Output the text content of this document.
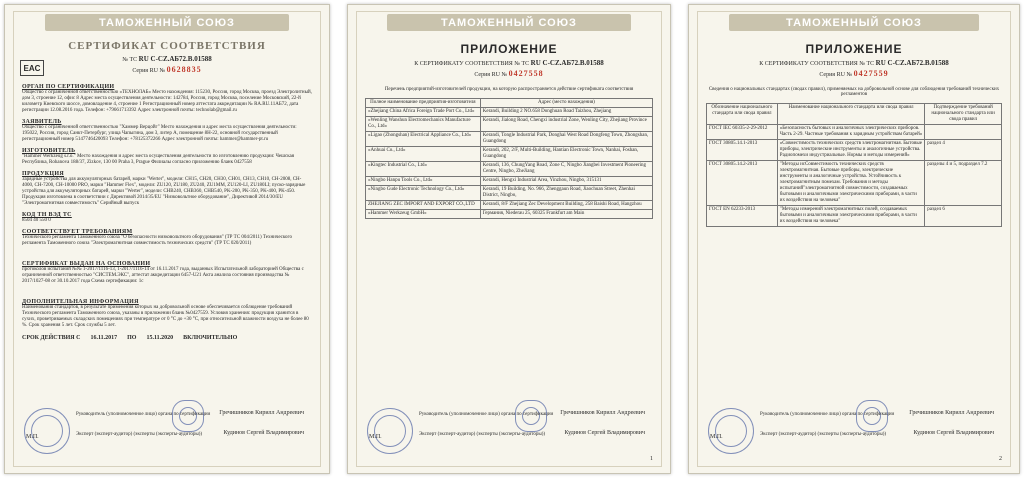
ТАМОЖЕННЫЙ СОЮЗ
СЕРТИФИКАТ СООТВЕТСТВИЯ
EAC
№ ТС RU С-CZ.АБ72.В.01588
Серия RU № 0628835
ОРГАН ПО СЕРТИФИКАЦИИ
Общество с ограниченной ответственностью «ТЕХНОЛАБ» Место нахождения: 115230, Россия, город Москва, проезд Электролитный, дом 3, строение 12, офис 8 Адрес места осуществления деятельности: 142784, Россия, город Москва, поселение Московский, 22-й километр Киевского шоссе, домовладение 4, строение 1 Регистрационный номер аттестата аккредитации № RA.RU.11АБ72, дата регистрации 12.08.2016 года. Телефон: +79661713392 Адрес электронной почты: technolab@gmail.ru
ЗАЯВИТЕЛЬ
Общество с ограниченной ответственностью "Хаммер Верцойг" Место нахождения и адрес места осуществления деятельности: 195022, Россия, город Санкт-Петербург, улица Чапыгина, дом 3, литер А, помещение 8Н-22, основной государственный регистрационный номер 5147746420093 Телефон: +78125372266 Адрес электронной почты: hammer@hammer-pt.ru
ИЗГОТОВИТЕЛЬ
"Hammer Werkzeug s.r.o." Место нахождения и адрес места осуществления деятельности по изготовлению продукции: Чешская Республика, Rohanova 188/37, Zizkov, 130 00 Praha 3, Prague Филиалы согласно приложению бланк 0427558
ПРОДУКЦИЯ
Зарядные устройства для аккумуляторных батарей, марки "Werter", модели: CH15, CH20, CH30, CH01, CH13, CH10, CH-2008, CH-4000, CH-7200, CH-10000 PRO, марки "Hammer Flex", модели: ZU120, ZU180, ZU240, ZU1MM, ZU120-LI, ZU180LI; пуско-зарядные устройства для аккумуляторных батарей, марки "Werter", модели: CHB240, CHB360, CHB540, PK-200, PK-350, PK-400, PK-450. Продукция изготовлена в соответствии с Директивой 2014/35/EU "Низковольтное оборудование", Директивой 2014/30/EU "Электромагнитная совместимость" Серийный выпуск
КОД ТН ВЭД ТС
8504 40 550 0
СООТВЕТСТВУЕТ ТРЕБОВАНИЯМ
Технического регламента Таможенного союза "О безопасности низковольтного оборудования" (ТР ТС 004/2011) Технического регламента Таможенного союза "Электромагнитная совместимость технических средств" (ТР ТС 020/2011)
СЕРТИФИКАТ ВЫДАН НА ОСНОВАНИИ
протоколов испытаний №№ 1-2017/1116-13, 1-2017/1116-14 от 16.11.2017 года, выданных Испытательной лабораторией Общества с ограниченной ответственностью "СИСТЕМ.ЭКС", аттестат аккредитации 6457-U21 Акта анализа состояния производства № 2017/1027-08 от 30.10.2017 года Схема сертификации: 1с
ДОПОЛНИТЕЛЬНАЯ ИНФОРМАЦИЯ
Наименования стандартов, в результате применения которых на добровольной основе обеспечивается соблюдение требований Технического регламента Таможенного союза, указаны в приложении бланк №0427559. Условия хранения: продукция хранится в сухих, проветриваемых складских помещениях при температуре от 0 °С до +30 °С, при относительной влажности воздуха не более 80 %. Срок хранения 5 лет. Срок службы 5 лет.
СРОК ДЕЙСТВИЯ С 16.11.2017 ПО 15.11.2020 ВКЛЮЧИТЕЛЬНО
М.П.
Руководитель (уполномоченное лицо) органа по сертификации Гречишников Кирилл Андреевич
Эксперт (эксперт-аудитор) (эксперты (эксперты-аудиторы))	Кудинов Сергей Владимирович
ТАМОЖЕННЫЙ СОЮЗ
ПРИЛОЖЕНИЕ
К СЕРТИФИКАТУ СООТВЕТСТВИЯ № ТС RU С-CZ.АБ72.В.01588
Серия RU № 0427558
Перечень предприятий-изготовителей продукции, на которую распространяется действие сертификата соответствия
Полное наименование предприятия-изготовителя	Адрес (место нахождения)
«Zhejiang China Africa Foreign Trade Port Co., Ltd»	Kerandi, Building 2 NO.658 Donghuan Road Taizhou, Zhejiang
«Wenling Wanshun Electromechanics Manufacture Co., Ltd»	Kerandi, Jialong Road, Chengxi industrial Zone, Wenling City, Zhejiang Province
«Ligao (Zhongshan) Electrical Appliance Co., Ltd»	Kerandi, Tongle Industrial Park, Donghai West Road Dongfeng Town, Zhongshan, Guangdong
«Anhuai Co., Ltd»	Kerandi, 202, 2/F, Multi-Building, Hantian Electronic Town, Nanhai, Foshan, Guangdong
«Kingtec Industrial Co., Ltd»	Kerandi, 136, ChungYang Road, Zone C, Ningbo Jiangbei Investment Pioneering Centre, Ningbo, ZheJiang
«Ningbo Hanpu Tools Co., Ltd»	Kerandi, Hengxi Industrial Area, Yinzhou, Ningbo, 315131
«Ningbo Gude Electronic Technology Co., Ltd»	Kerandi, 19 Building, No. 966, Zhenggaun Road, Jiaochuan Street, Zhenhai District, Ningbo,
ZHEJIANG ZEC IMPORT AND EXPORT CO.,LTD	Kerandi, 8/F Zhejiang Zec Development Building, 258 Baishi Road, Hangzhou
«Hammer Werkzeug GmbH»	Германия, Niederau 25, 60325 Frankfurt am Main
М.П.
Руководитель (уполномоченное лицо) органа по сертификации Гречишников Кирилл Андреевич
Эксперт (эксперт-аудитор) (эксперты (эксперты-аудиторы))	Кудинов Сергей Владимирович
1
ТАМОЖЕННЫЙ СОЮЗ
ПРИЛОЖЕНИЕ
К СЕРТИФИКАТУ СООТВЕТСТВИЯ № ТС RU С-CZ.АБ72.В.01588
Серия RU № 0427559
Сведения о национальных стандартах (сводах правил), применяемых на добровольной основе для соблюдения требований технических регламентов
Обозначение национального стандарта или свода правил	Наименование национального стандарта или свода правил	Подтверждение требований национального стандарта или свода правил
ГОСТ IEC 60335-2-29-2012	«Безопасность бытовых и аналогичных электрических приборов. Часть 2-29. Частные требования к зарядным устройствам батарей»	
ГОСТ 30805.14.1-2013	«Совместимость технических средств электромагнитная. Бытовые приборы, электрические инструменты и аналогичные устройства. Радиопомехи индустриальные. Нормы и методы измерений»	раздел 4
ГОСТ 30805.14.2-2013	"Методы исСовместимость технических средств электромагнитная. Бытовые приборы, электрические инструменты и аналогичные устройства. Устойчивость к электромагнитным помехам. Требования и методы испытаний"электромагнитной совместимости, создаваемых бытовыми и аналогичными электрическими приборами, в части их воздействия на человека"	разделы 4 и 5, подраздел 7.2
ГОСТ EN 62233-2013	"Методы измерений электромагнитных полей, создаваемых бытовыми и аналогичными электрическими приборами, в части их воздействия на человека"	раздел 6
М.П.
Руководитель (уполномоченное лицо) органа по сертификации	Гречишников Кирилл Андреевич
Эксперт (эксперт-аудитор) (эксперты (эксперты-аудиторы))	Кудинов Сергей Владимирович
2
